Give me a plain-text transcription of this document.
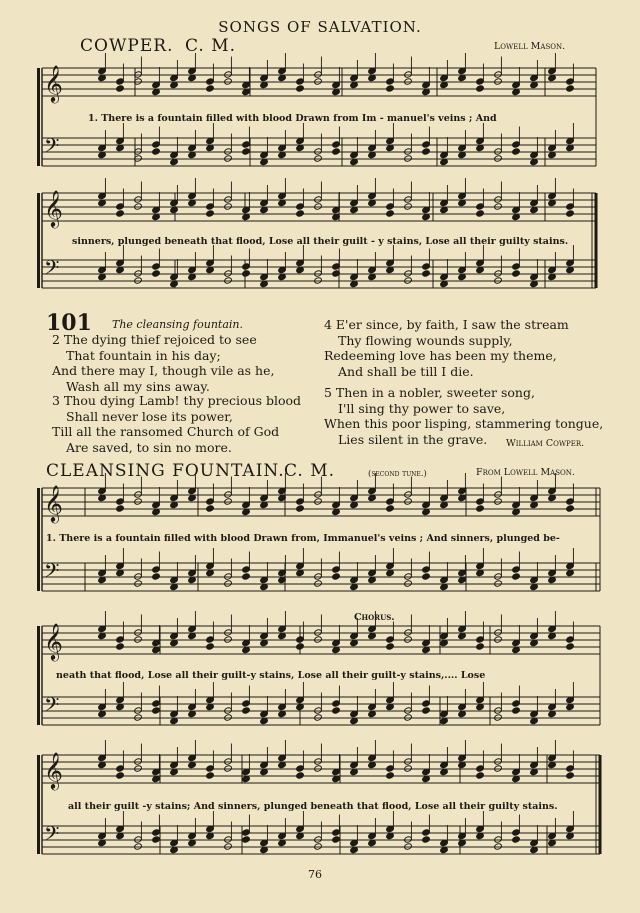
SONGS OF SALVATION.
COWPER. C. M.	Lowell Mason.
𝄞
𝄢
𝄞
𝄢
𝄞
𝄢
𝄞
𝄢
𝄞
𝄢
1. There is a fountain filled with blood Drawn from Im - manuel's veins ; And
sinners, plunged beneath that flood, Lose all their guilt - y stains, Lose all their guilty stains.
101 The cleansing fountain.
2 The dying thief rejoiced to see
That fountain in his day;
And there may I, though vile as he,
Wash all my sins away.
3 Thou dying Lamb! thy precious blood
Shall never lose its power,
Till all the ransomed Church of God
Are saved, to sin no more.
4 E'er since, by faith, I saw the stream
Thy flowing wounds supply,
Redeeming love has been my theme,
And shall be till I die.
5 Then in a nobler, sweeter song,
I'll sing thy power to save,
When this poor lisping, stammering tongue,
Lies silent in the grave.	William Cowper.
CLEANSING FOUNTAIN. C. M.	(second tune.)	From Lowell Mason.
1. There is a fountain filled with blood Drawn from, Immanuel's veins ; And sinners, plunged be-
Chorus.
neath that flood, Lose all their guilt-y stains, Lose all their guilt-y stains,.... Lose
all their guilt -y stains; And sinners, plunged beneath that flood, Lose all their guilty stains.
76
